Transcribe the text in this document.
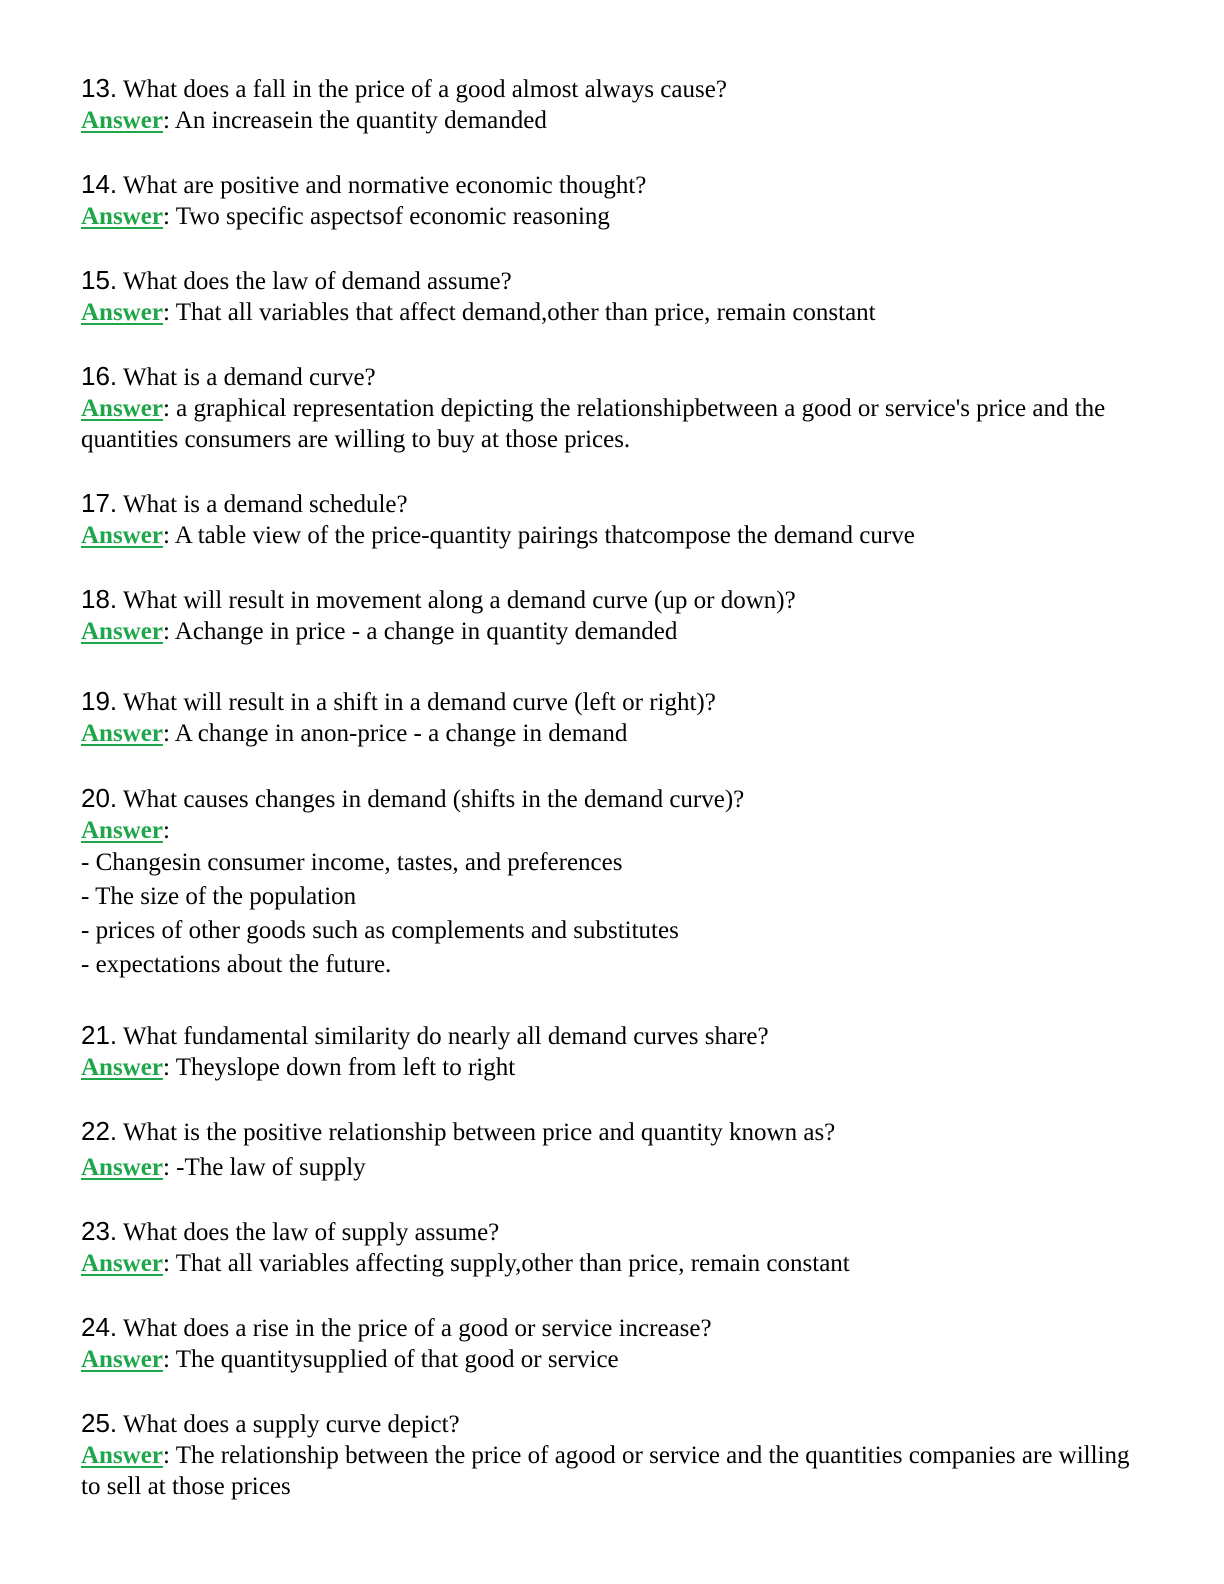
13. What does a fall in the price of a good almost always cause?
Answer: An increasein the quantity demanded
14. What are positive and normative economic thought?
Answer: Two specific aspectsof economic reasoning
15. What does the law of demand assume?
Answer: That all variables that affect demand,other than price, remain constant
16. What is a demand curve?
Answer: a graphical representation depicting the relationshipbetween a good or service's price and the quantities consumers are willing to buy at those prices.
17. What is a demand schedule?
Answer: A table view of the price-quantity pairings thatcompose the demand curve
18. What will result in movement along a demand curve (up or down)?
Answer: Achange in price - a change in quantity demanded
19. What will result in a shift in a demand curve (left or right)?
Answer: A change in anon-price - a change in demand
20. What causes changes in demand (shifts in the demand curve)?
Answer:
- Changesin consumer income, tastes, and preferences
- The size of the population
- prices of other goods such as complements and substitutes
- expectations about the future.
21. What fundamental similarity do nearly all demand curves share?
Answer: Theyslope down from left to right
22. What is the positive relationship between price and quantity known as?
Answer: -The law of supply
23. What does the law of supply assume?
Answer: That all variables affecting supply,other than price, remain constant
24. What does a rise in the price of a good or service increase?
Answer: The quantitysupplied of that good or service
25. What does a supply curve depict?
Answer: The relationship between the price of agood or service and the quantities companies are willing to sell at those prices
